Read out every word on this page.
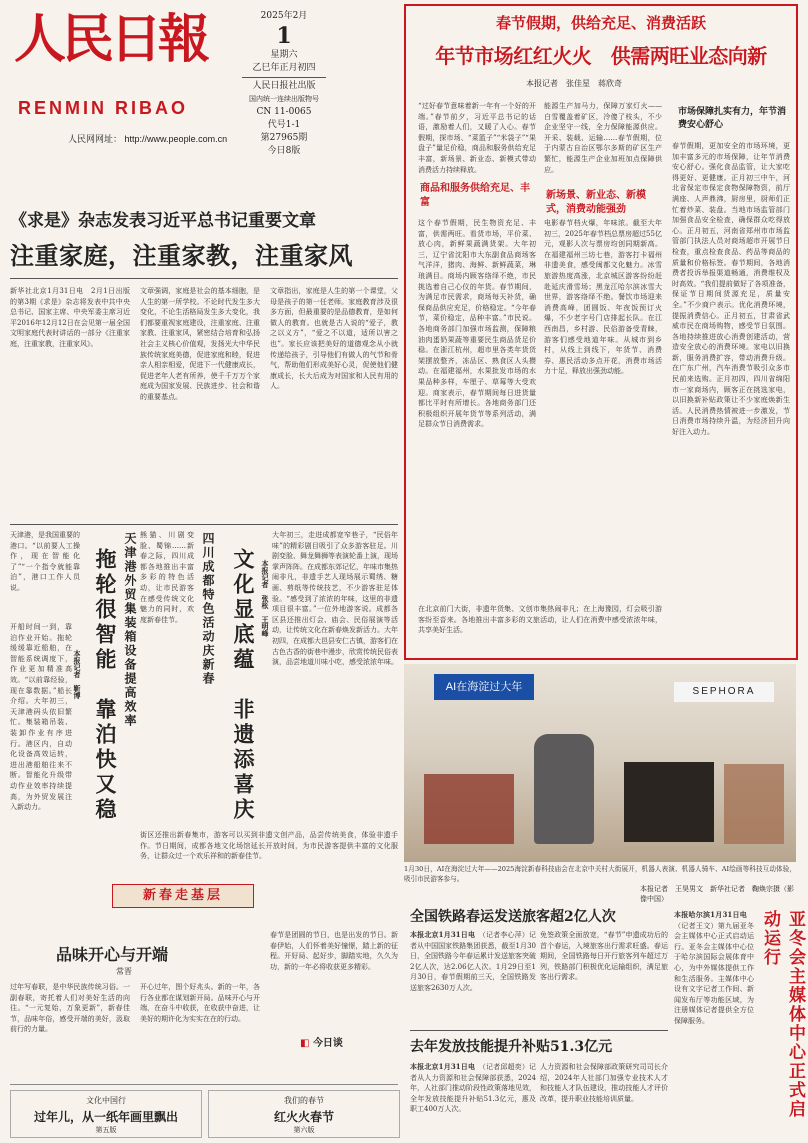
人民日報
RENMIN RIBAO
人民网网址： http://www.people.com.cn
2025年2月
1
星期六
乙巳年正月初四
人民日报社出版
国内统一连续出版物号
CN 11-0065
代号1-1
第27965期
今日8版
春节假期，供给充足、消费活跃
年节市场红红火火　供需两旺业态向新
本报记者　张佳星　蒋欣奇
“过好春节意味着新一年有一个好的开端。”春节前夕，习近平总书记的话语，激励着人们，又暖了人心。春节假期，探市场、“菜篮子”“米袋子”“果盘子”量足价稳，商品和服务供给充足丰富，新场景、新业态、新模式带动消费活力持续释放。
能源生产加马力，保障万家灯火——白雪覆盖着矿区，冷傻了枝头，不少企业坚守一线，全力保障能源供应。开采、装载、运输……春节假期，位于内蒙古自治区鄂尔多斯的矿区生产繁忙，能源生产企业加班加点保障供应。
商品和服务供给充足、丰富
这个春节假期，民生物资充足、丰富，供需两旺。看货市场，平价菜、放心肉，新鲜果蔬满货架。大年初三，辽宁省沈阳市大东副食品商场客气洋洋，猪肉、海鲜、新鲜蔬菜，琳琅满目。商场内顾客络绎不绝，市民挑选着自己心仪的年货。春节期间，为满足市民需求，商场每天补货，确保商品供应充足，价格稳定。“今年春节，菜价稳定，品种丰富。”市民说。各地商务部门加强市场监测，保障粮油肉蛋奶果蔬等重要民生商品货足价稳。在浙江杭州，超市里各类年货货架摆放整齐，冻品区、熟食区人头攒动。在福建福州，水果批发市场的水果品种多样，车厘子、草莓等大受欢迎。商家表示，春节期间每日进货量都比平时有所增长。各地商务部门还积极组织开展年货节等系列活动，满足群众节日消费需求。
电影春节档火爆，年味浓。截至大年初三，2025年春节档总票房超过55亿元，观影人次与票房均创同期新高。在福建福州三坊七巷，游客打卡福州非遗美食，感受闽都文化魅力。冰雪旅游热度高涨，北京城区游客纷纷赶赴延庆滑雪场；黑龙江哈尔滨冰雪大世界，游客络绎不绝。餐饮市场迎来消费高峰，团圆饭、年夜饭预订火爆，不少老字号门店排起长队。在江西南昌，乡村游、民俗游备受青睐，游客们感受地道年味。从城市到乡村，从线上到线下，年货节、消费券、惠民活动多点开花，消费市场活力十足，释放出强劲动能。
新场景、新业态、新模式，消费动能强劲
市场保障扎实有力，年节消费安心舒心
春节假期，更加安全的市场环境，更加丰富多元的市场保障，让年节消费安心舒心。强化食品监管，让大家吃得更好、更健康。正月初三中午，河北省保定市保定食物保障物资，前厅满座、人声鼎沸，厨房里，厨师们正忙着炒菜、装盘。当地市场监管部门加强食品安全检查，确保群众吃得放心。正月初五，河南省郑州市市场监管部门执法人员对商场超市开展节日检查，重点检查食品、药品等商品的质量和价格标签。春节期间，各地消费者投诉举报渠道畅通，消费维权及时高效。“我们提前做好了各项准备，保证节日期间货源充足，质量安全。”不少商户表示。优化消费环境，提振消费信心。正月初五，甘肃省武威市民在商场购物，感受节日氛围。各地持续推进放心消费创建活动，营造安全放心的消费环境。家电以旧换新，服务消费扩容，带动消费升级。在广东广州，汽车消费节吸引众多市民前来选购。正月初四，四川省绵阳市一家商场内，顾客正在挑选家电，以旧换新补贴政策让不少家庭焕新生活。人民消费热情被进一步激发，节日消费市场持续升温，为经济回升向好注入动力。
在北京前门大街，非遗年货集、文创市集热闹非凡；在上海豫园，灯会吸引游客纷至沓来。各地推出丰富多彩的文旅活动，让人们在消费中感受浓浓年味，共享美好生活。
《求是》杂志发表习近平总书记重要文章
注重家庭，注重家教，注重家风
新华社北京1月31日电　2月1日出版的第3期《求是》杂志将发表中共中央总书记、国家主席、中央军委主席习近平2016年12月12日在会见第一届全国文明家庭代表时讲话的一部分《注重家庭，注重家教，注重家风》。
文章强调，家庭是社会的基本细胞，是人生的第一所学校。不论时代发生多大变化，不论生活格局发生多大变化，我们都要重视家庭建设，注重家庭、注重家教、注重家风，紧密结合培育和弘扬社会主义核心价值观，发扬光大中华民族传统家庭美德，促进家庭和睦，促进亲人相亲相爱，促进下一代健康成长，促进老年人老有所养，使千千万万个家庭成为国家发展、民族进步、社会和谐的重要基点。
文章指出，家庭是人生的第一个课堂，父母是孩子的第一任老师。家庭教育涉及很多方面，但最重要的是品德教育，是如何做人的教育。也就是古人说的“爱子，教之以义方”，“爱之不以道，适所以害之也”。家长应该把美好的道德观念从小就传递给孩子，引导他们有做人的气节和骨气，帮助他们形成美好心灵，促使他们健康成长，长大后成为对国家和人民有用的人。
天津港，是我国重要的港口。“以前要人工操作，现在智能化了”“一个指令就能靠泊”，港口工作人员说。	天津港外贸集装箱设备提高效率
拖轮很智能　靠泊快又稳
本报记者　靳博
开船时间一到，靠泊作业开始。拖轮缓缓靠近船舶，在智能系统调度下，作业更加精准高效。“以前靠经验，现在靠数据。”船长介绍。大年初三，天津港码头依旧繁忙。集装箱吊装、装卸作业有序进行。港区内，自动化设备高效运转，进出港船舶往来不断。智能化升级带动作业效率持续提高，为外贸发展注入新动力。
四川成都特色活动庆新春 文化显底蕴　非遗添喜庆 本报记者　张枨　王明峰
熊猫、川剧变脸、蜀锦……新春之际，四川成都各地推出丰富多彩的特色活动，让市民游客在感受传统文化魅力的同时，欢度新春佳节。
大年初三，走进成都宽窄巷子，“民俗年味”的精彩剧目吸引了众多游客驻足。川剧变脸、舞龙舞狮等表演轮番上演，现场掌声阵阵。在成都东郊记忆，年味市集热闹非凡，非遗手艺人现场展示蜀绣、糖画、剪纸等传统技艺，不少游客驻足体验。“感受到了浓浓的年味，这里的非遗项目很丰富。”一位外地游客说。成都各区县还推出灯会、庙会、民俗展演等活动，让传统文化在新春焕发新活力。大年初四，在成都大邑县安仁古镇，游客们在古色古香的街巷中漫步，欣赏传统民俗表演，品尝地道川味小吃，感受浓浓年味。
街区还推出新春集市，游客可以买到非遗文创产品，品尝传统美食，体验非遗手作。节日期间，成都各地文化场馆延长开放时间，为市民游客提供丰富的文化服务，让群众过一个欢乐祥和的新春佳节。
新春走基层
AI在海淀过大年	SEPHORA
1月30日，AI在海淀过大年——2025海淀新春科技庙会在北京中关村大街展开，机器人表演、机器人骑车、AI绘画等科技互动体验，吸引市民游客参与。
本报记者　王昊男文　新华社记者　鞠焕宗摄（影像中国）
全国铁路春运发送旅客超2亿人次
本报北京1月31日电　（记者李心萍）记者从中国国家铁路集团获悉，截至1月30日，全国铁路今年春运累计发送旅客突破2亿人次，达2.06亿人次。1月29日至1月30日，春节假期前三天，全国铁路发送旅客2630万人次。
免签政策全面放宽，“春节”申遗成功后的首个春运，入境旅客出行需求旺盛。春运期间，全国铁路每日开行旅客列车超过万列，铁路部门积极优化运输组织，满足旅客出行需求。
去年发放技能提升补贴51.3亿元
本报北京1月31日电　（记者邱超奕）记者从人力资源和社会保障部获悉，2024年，人社部门推动阶段性政策落地见效，全年发放技能提升补贴51.3亿元，惠及职工400万人次。
人力资源和社会保障部政策研究司司长介绍，2024年人社部门加强专业技术人才和技能人才队伍建设，推动技能人才评价改革，提升职业技能培训质量。
本报哈尔滨1月31日电　（记者王文）第九届亚冬会主媒体中心正式启动运行。亚冬会主媒体中心位于哈尔滨国际会展体育中心，为中外媒体提供工作和生活服务。主媒体中心设有文字记者工作间、新闻发布厅等功能区域，为注册媒体记者提供全方位保障服务。	亚冬会主媒体中心正式启动运行
品味开心与开端
常晋
过年写春联，是中华民族传统习俗。一副春联，寄托着人们对美好生活的向往。“一元复始，万象更新”，新春佳节，品味年俗，感受开端的美好，汲取前行的力量。
开心过年，图个好兆头。新的一年，各行各业都在谋划新开局。品味开心与开端，在奋斗中收获，在收获中奋进，让美好的期许化为实实在在的行动。
春节是团圆的节日，也是出发的节日。新春伊始，人们怀着美好憧憬，踏上新的征程。开好局、起好步，脚踏实地，久久为功，新的一年必将收获更多精彩。
◧ 今日谈
文化中国行
过年儿，从一纸年画里飘出
第五版
我们的春节
红火火春节
第六版
